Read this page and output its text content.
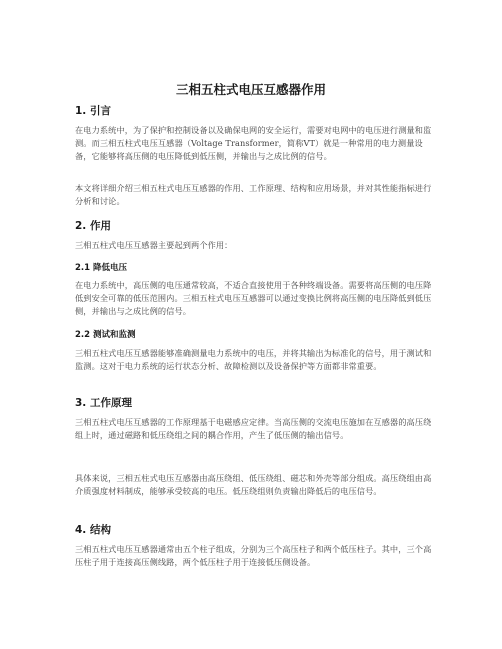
三相五柱式电压互感器作用
1. 引言

在电力系统中，为了保护和控制设备以及确保电网的安全运行，需要对电网中的电压进行测量和监测。而三相五柱式电压互感器（Voltage Transformer，简称VT）就是一种常用的电力测量设备，它能够将高压侧的电压降低到低压侧，并输出与之成比例的信号。

本文将详细介绍三相五柱式电压互感器的作用、工作原理、结构和应用场景，并对其性能指标进行分析和讨论。

2. 作用

三相五柱式电压互感器主要起到两个作用：

2.1 降低电压

在电力系统中，高压侧的电压通常较高，不适合直接使用于各种终端设备。需要将高压侧的电压降低到安全可靠的低压范围内。三相五柱式电压互感器可以通过变换比例将高压侧的电压降低到低压侧，并输出与之成比例的信号。

2.2 测试和监测

三相五柱式电压互感器能够准确测量电力系统中的电压，并将其输出为标准化的信号，用于测试和监测。这对于电力系统的运行状态分析、故障检测以及设备保护等方面都非常重要。

3. 工作原理

三相五柱式电压互感器的工作原理基于电磁感应定律。当高压侧的交流电压施加在互感器的高压绕组上时，通过磁路和低压绕组之间的耦合作用，产生了低压侧的输出信号。

具体来说，三相五柱式电压互感器由高压绕组、低压绕组、磁芯和外壳等部分组成。高压绕组由高介质强度材料制成，能够承受较高的电压。低压绕组则负责输出降低后的电压信号。

4. 结构

三相五柱式电压互感器通常由五个柱子组成，分别为三个高压柱子和两个低压柱子。其中，三个高压柱子用于连接高压侧线路，两个低压柱子用于连接低压侧设备。
